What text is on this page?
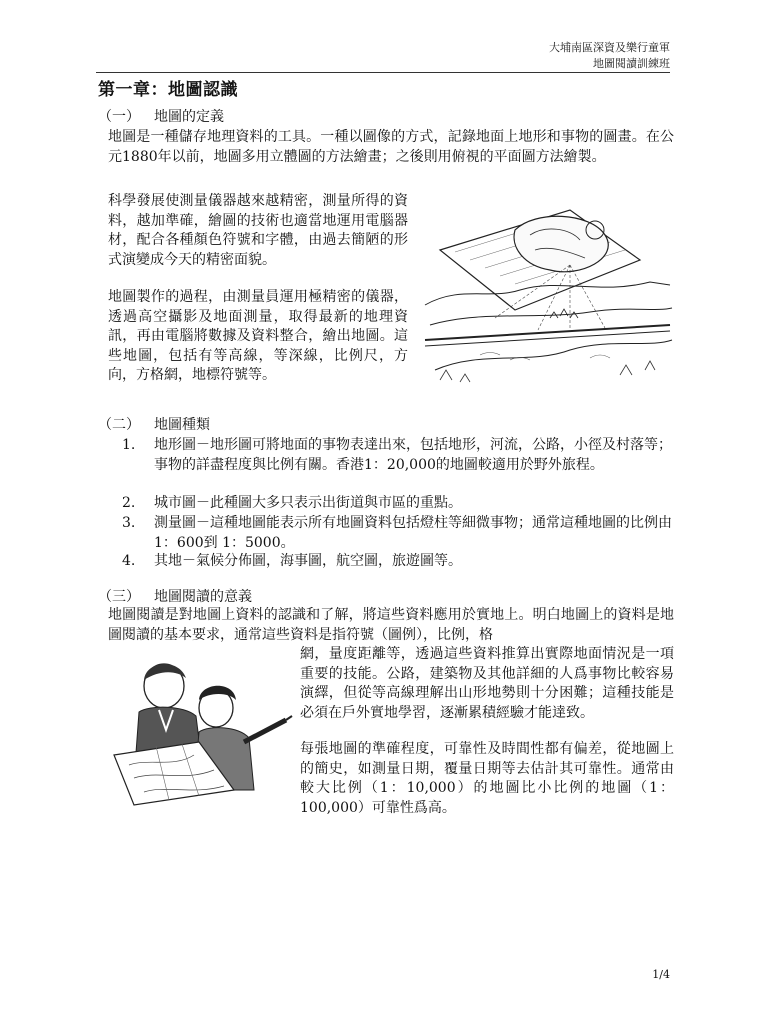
大埔南區深資及樂行童軍
地圖閱讀訓練班
第一章：地圖認識
（一） 地圖的定義
地圖是一種儲存地理資料的工具。一種以圖像的方式，記錄地面上地形和事物的圖畫。在公元1880年以前，地圖多用立體圖的方法繪畫；之後則用俯視的平面圖方法繪製。
科學發展使測量儀器越來越精密，測量所得的資料，越加準確，繪圖的技術也適當地運用電腦器材，配合各種顏色符號和字體，由過去簡陋的形式演變成今天的精密面貌。
地圖製作的過程，由測量員運用極精密的儀器，透過高空攝影及地面測量，取得最新的地理資訊，再由電腦將數據及資料整合，繪出地圖。這些地圖，包括有等高線，等深線，比例尺，方向，方格網，地標符號等。
（二） 地圖種類
1.	地形圖－地形圖可將地面的事物表達出來，包括地形，河流，公路，小徑及村落等；事物的詳盡程度與比例有關。香港1：20,000的地圖較適用於野外旅程。
2.	城市圖－此種圖大多只表示出街道與市區的重點。
3.	測量圖－這種地圖能表示所有地圖資料包括燈柱等細微事物；通常這種地圖的比例由 1：600到 1：5000。
4.	其地－氣候分佈圖，海事圖，航空圖，旅遊圖等。
（三） 地圖閱讀的意義
地圖閱讀是對地圖上資料的認識和了解，將這些資料應用於實地上。明白地圖上的資料是地圖閱讀的基本要求，通常這些資料是指符號（圖例），比例，格
網，量度距離等，透過這些資料推算出實際地面情況是一項重要的技能。公路，建築物及其他詳細的人爲事物比較容易演繹，但從等高線理解出山形地勢則十分困難；這種技能是必須在戶外實地學習，逐漸累積經驗才能達致。
每張地圖的準確程度，可靠性及時間性都有偏差，從地圖上的簡史，如測量日期，覆量日期等去估計其可靠性。通常由較大比例（1：10,000）的地圖比小比例的地圖（1：100,000）可靠性爲高。
1/4
